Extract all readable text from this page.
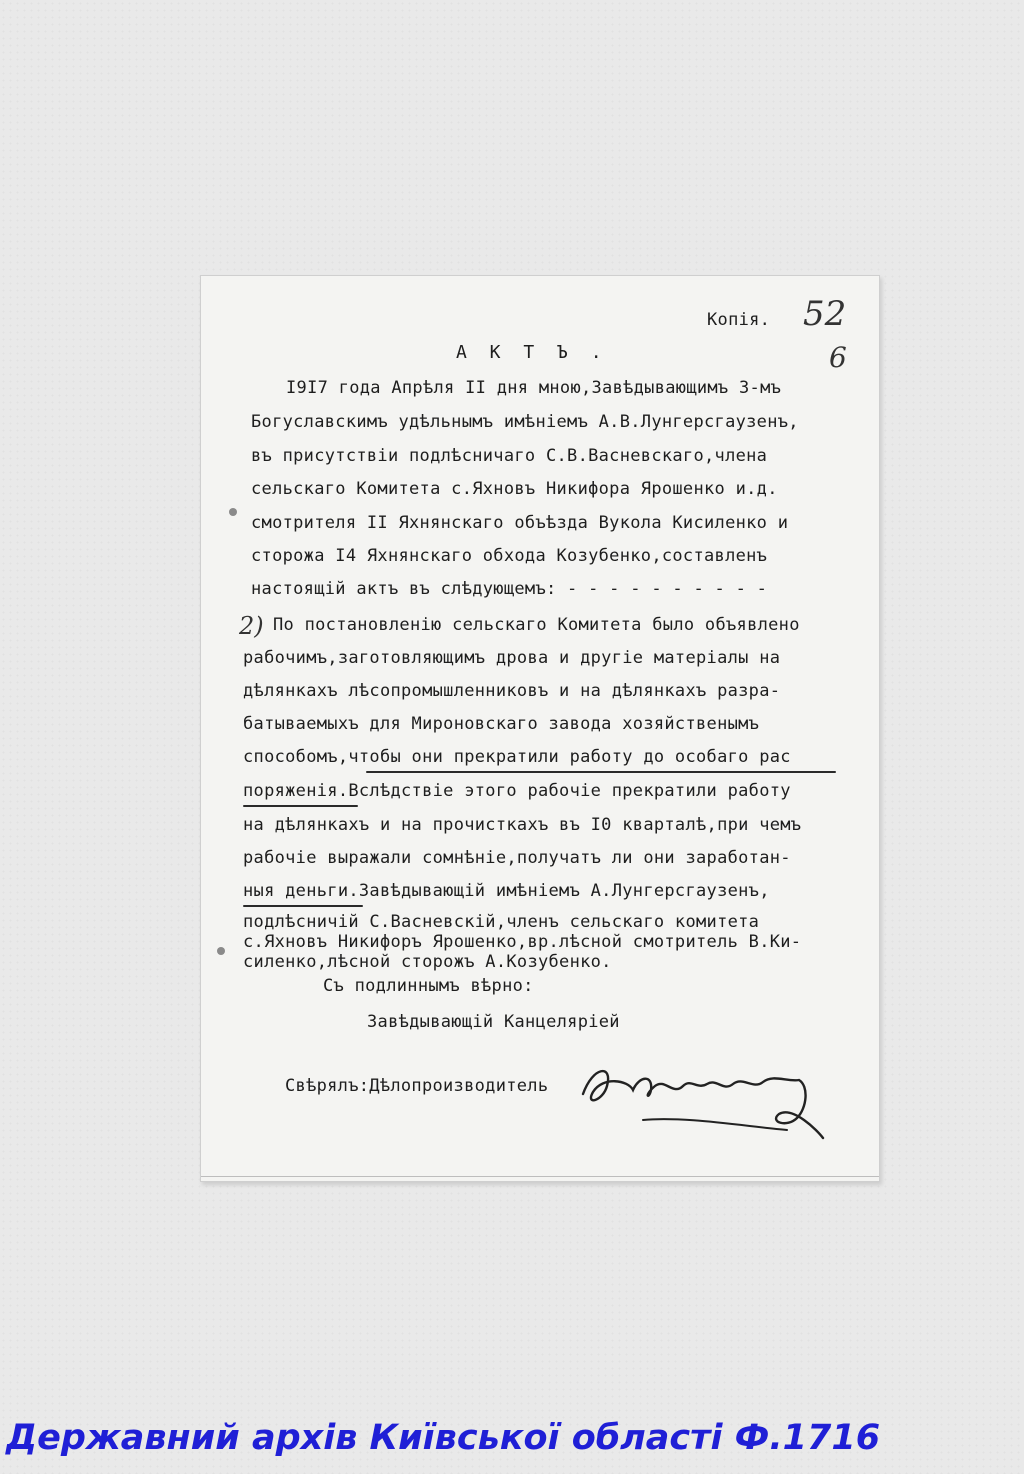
Копія. 52
6
А К Т Ъ .
I9I7 года Апрѣля II дня мною,Завѣдывающимъ 3-мъ
Богуславскимъ удѣльнымъ имѣніемъ А.В.Лунгерсгаузенъ,
въ присутствіи подлѣсничаго С.В.Васневскаго,члена
сельскаго Комитета с.Яхновъ Никифора Ярошенко и.д.
смотрителя II Яхнянскаго объѣзда Вукола Кисиленко и
сторожа I4 Яхнянскаго обхода Козубенко,составленъ
настоящій актъ въ слѣдующемъ: - - - - - - - - - -
2) По постановленію сельскаго Комитета было объявлено
рабочимъ,заготовляющимъ дрова и другіе матеріалы на
дѣлянкахъ лѣсопромышленниковъ и на дѣлянкахъ разра-
батываемыхъ для Мироновскаго завода хозяйственымъ
способомъ,чтобы они прекратили работу до особаго рас
поряженія.Вслѣдствіе этого рабочіе прекратили работу
на дѣлянкахъ и на прочисткахъ въ I0 кварталѣ,при чемъ
рабочіе выражали сомнѣніе,получатъ ли они заработан-
ныя деньги.Завѣдывающій имѣніемъ А.Лунгерсгаузенъ,
подлѣсничій С.Васневскій,членъ сельскаго комитета
с.Яхновъ Никифоръ Ярошенко,вр.лѣсной смотритель В.Ки-
силенко,лѣсной сторожъ А.Козубенко.
Съ подлиннымъ вѣрно:
Завѣдывающій Канцеляріей
Свѣрялъ:Дѣлопроизводитель
Державний архів Київської області Ф.1716
